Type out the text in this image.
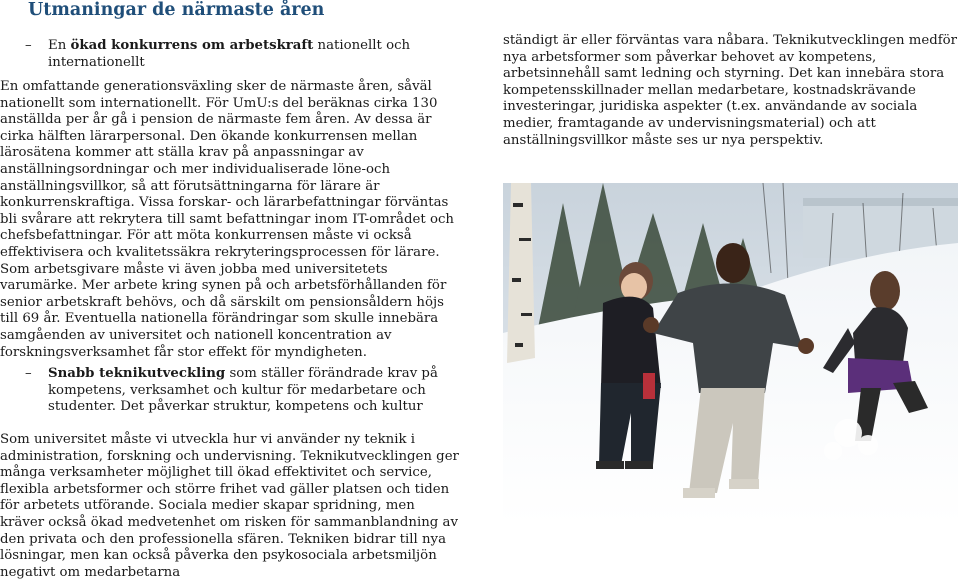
Utmaningar de närmaste åren
–	En ökad konkurrens om arbetskraft nationellt och internationellt
En omfattande generationsväxling sker de närmaste åren, såväl nationellt som internationellt. För UmU:s del beräknas cirka 130 anställda per år gå i pension de närmaste fem åren. Av dessa är cirka hälften lärarpersonal. Den ökande konkurrensen mellan lärosätena kommer att ställa krav på anpassningar av anställningsordningar och mer individualiserade löne-och anställningsvillkor, så att förutsättningarna för lärare är konkurrenskraftiga. Vissa forskar- och lärarbefattningar förväntas bli svårare att rekrytera till samt befattningar inom IT-området och chefsbefattningar. För att möta konkurrensen måste vi också effektivisera och kvalitetssäkra rekryteringsprocessen för lärare. Som arbetsgivare måste vi även jobba med universitetets varumärke. Mer arbete kring synen på och arbetsförhållanden för senior arbetskraft behövs, och då särskilt om pensionsåldern höjs till 69 år. Eventuella nationella förändringar som skulle innebära samgåenden av universitet och nationell koncentration av forskningsverksamhet får stor effekt för myndigheten.
–	Snabb teknikutveckling som ställer förändrade krav på kompetens, verksamhet och kultur för medarbetare och studenter. Det påverkar struktur, kompetens och kultur
Som universitet måste vi utveckla hur vi använder ny teknik i administration, forskning och undervisning. Teknikutvecklingen ger många verksamheter möjlighet till ökad effektivitet och service, flexibla arbetsformer och större frihet vad gäller platsen och tiden för arbetets utförande. Sociala medier skapar spridning, men kräver också ökad medvetenhet om risken för sammanblandning av den privata och den professionella sfären. Tekniken bidrar till nya lösningar, men kan också påverka den psykosociala arbetsmiljön negativt om medarbetarna
ständigt är eller förväntas vara nåbara. Teknikutvecklingen medför nya arbetsformer som påverkar behovet av kompetens, arbetsinnehåll samt ledning och styrning. Det kan innebära stora kompetensskillnader mellan medarbetare, kostnadskrävande investeringar, juridiska aspekter (t.ex. användande av sociala medier, framtagande av undervisningsmaterial) och att anställningsvillkor måste ses ur nya perspektiv.
